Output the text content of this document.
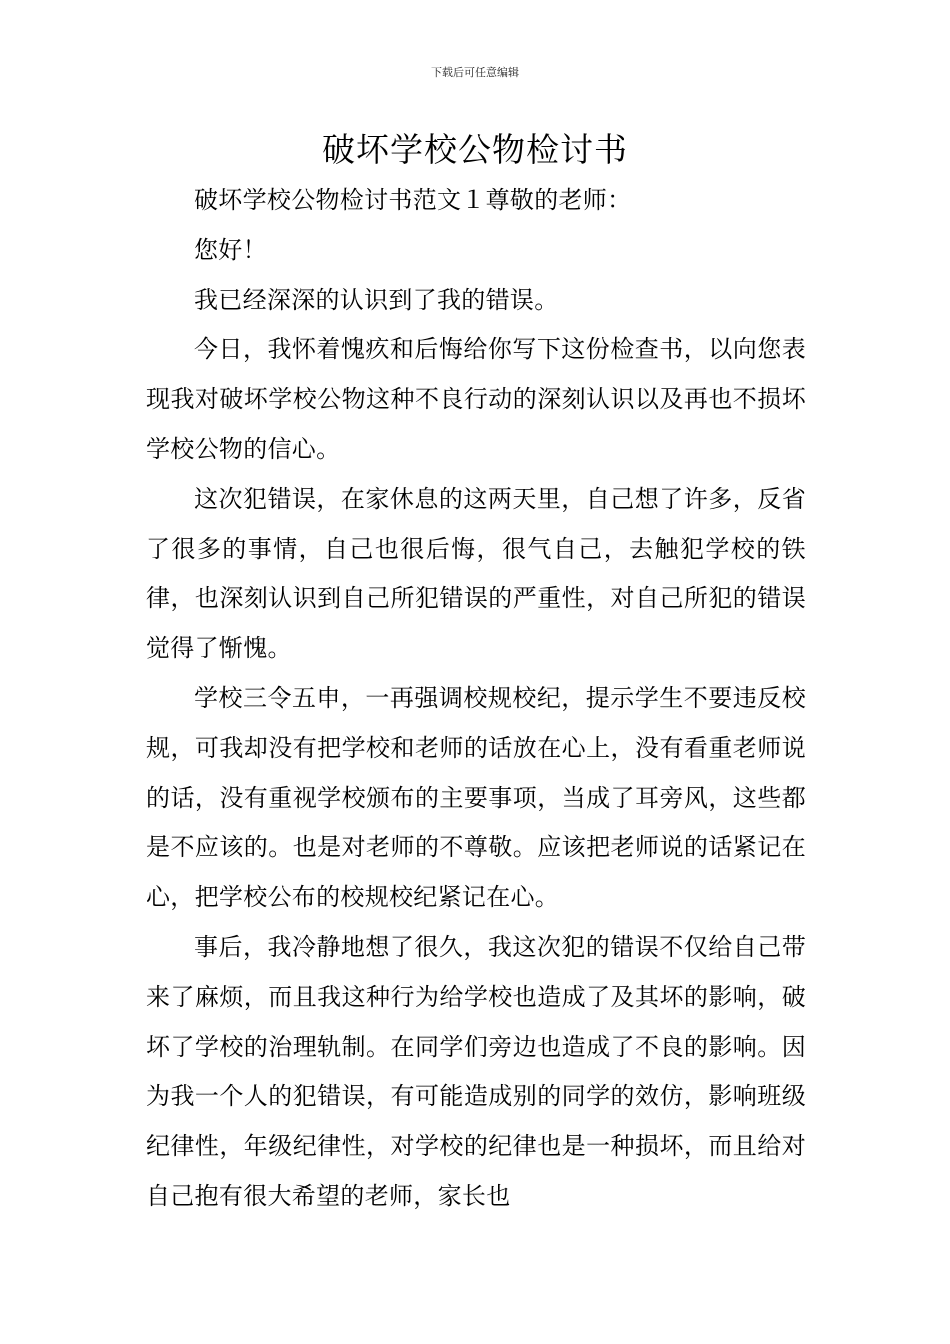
下载后可任意编辑
破坏学校公物检讨书

破坏学校公物检讨书范文１尊敬的老师：

您好！

我已经深深的认识到了我的错误。

今日，我怀着愧疚和后悔给你写下这份检查书，以向您表现我对破坏学校公物这种不良行动的深刻认识以及再也不损坏学校公物的信心。

这次犯错误，在家休息的这两天里，自己想了许多，反省了很多的事情，自己也很后悔，很气自己，去触犯学校的铁律，也深刻认识到自己所犯错误的严重性，对自己所犯的错误觉得了惭愧。

学校三令五申，一再强调校规校纪，提示学生不要违反校规，可我却没有把学校和老师的话放在心上，没有看重老师说的话，没有重视学校颁布的主要事项，当成了耳旁风，这些都是不应该的。也是对老师的不尊敬。应该把老师说的话紧记在心，把学校公布的校规校纪紧记在心。

事后，我冷静地想了很久，我这次犯的错误不仅给自己带来了麻烦，而且我这种行为给学校也造成了及其坏的影响，破坏了学校的治理轨制。在同学们旁边也造成了不良的影响。因为我一个人的犯错误，有可能造成别的同学的效仿，影响班级纪律性，年级纪律性，对学校的纪律也是一种损坏，而且给对自己抱有很大希望的老师，家长也
